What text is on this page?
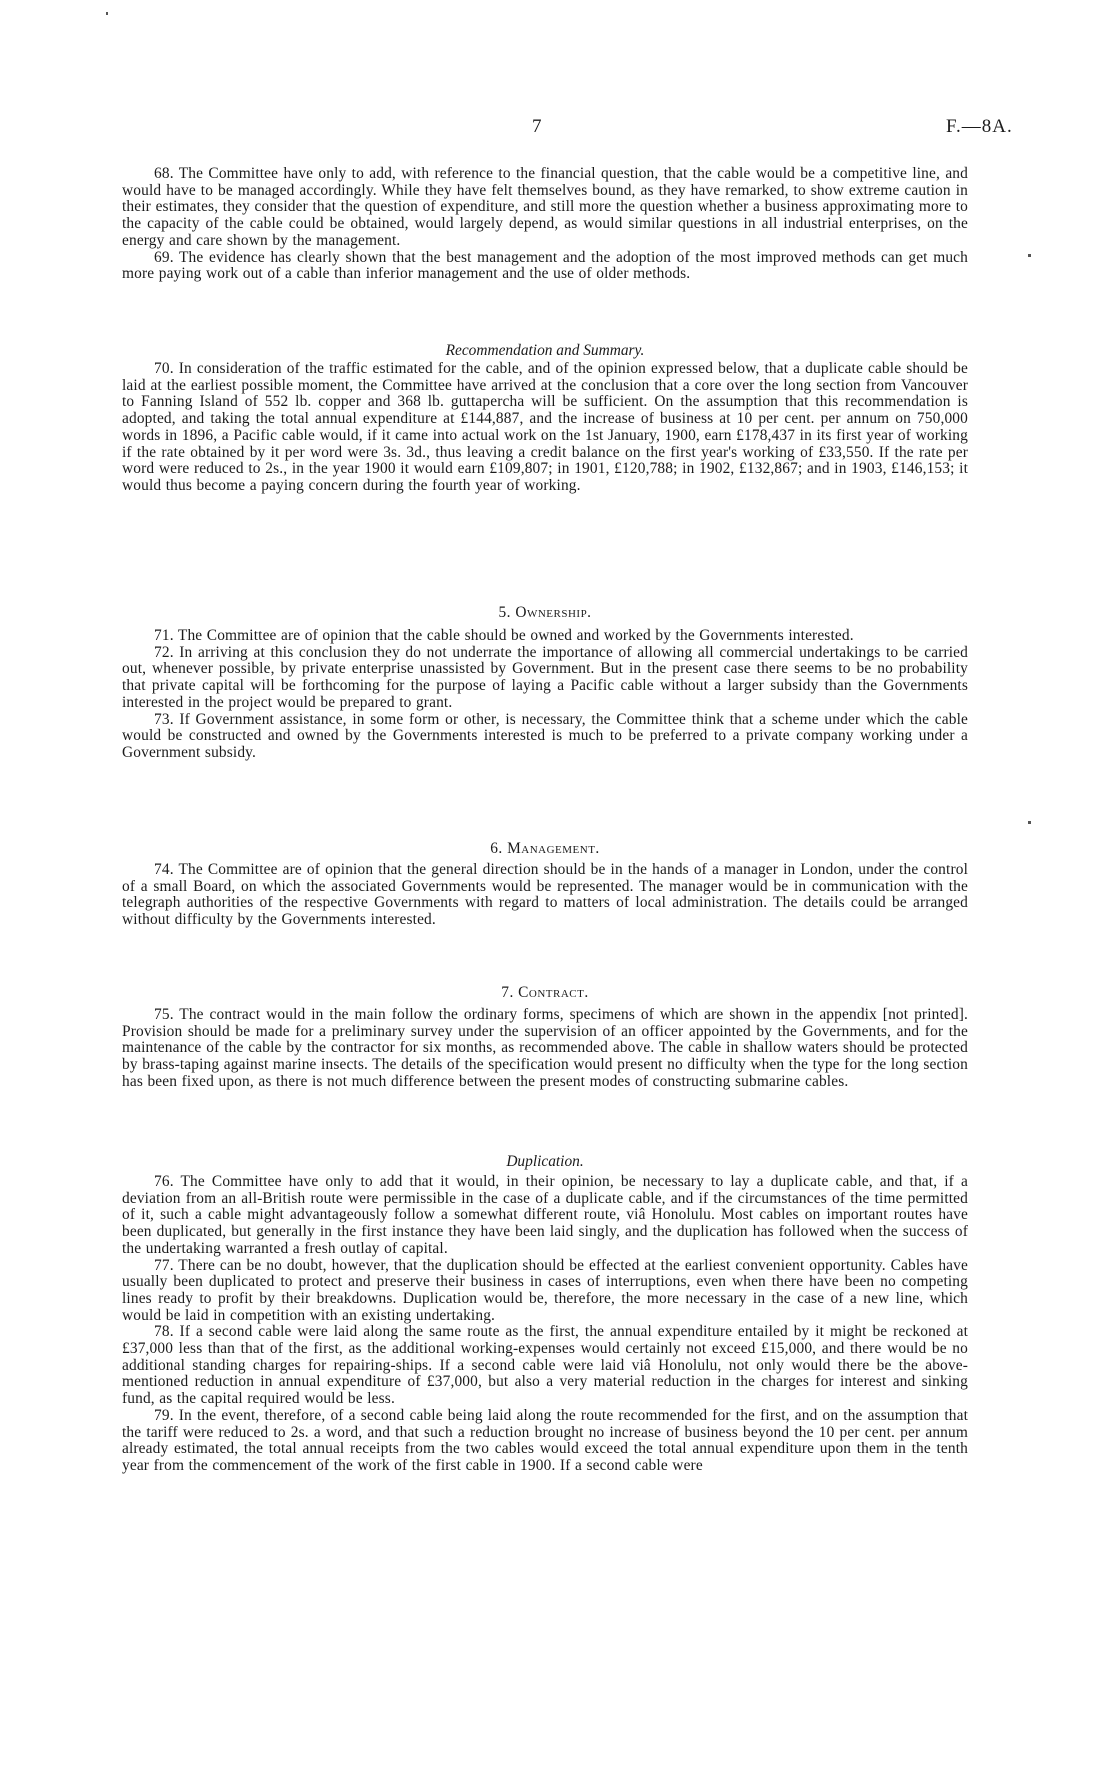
7	F.—8A.

68. The Committee have only to add, with reference to the financial question, that the cable would be a competitive line, and would have to be managed accordingly. While they have felt themselves bound, as they have remarked, to show extreme caution in their estimates, they consider that the question of expenditure, and still more the question whether a business approximating more to the capacity of the cable could be obtained, would largely depend, as would similar questions in all industrial enterprises, on the energy and care shown by the management.

69. The evidence has clearly shown that the best management and the adoption of the most improved methods can get much more paying work out of a cable than inferior management and the use of older methods.

Recommendation and Summary.

70. In consideration of the traffic estimated for the cable, and of the opinion expressed below, that a duplicate cable should be laid at the earliest possible moment, the Committee have arrived at the conclusion that a core over the long section from Vancouver to Fanning Island of 552 lb. copper and 368 lb. guttapercha will be sufficient. On the assumption that this recommendation is adopted, and taking the total annual expenditure at £144,887, and the increase of business at 10 per cent. per annum on 750,000 words in 1896, a Pacific cable would, if it came into actual work on the 1st January, 1900, earn £178,437 in its first year of working if the rate obtained by it per word were 3s. 3d., thus leaving a credit balance on the first year's working of £33,550. If the rate per word were reduced to 2s., in the year 1900 it would earn £109,807; in 1901, £120,788; in 1902, £132,867; and in 1903, £146,153; it would thus become a paying concern during the fourth year of working.

5. Ownership.

71. The Committee are of opinion that the cable should be owned and worked by the Governments interested.

72. In arriving at this conclusion they do not underrate the importance of allowing all commercial undertakings to be carried out, whenever possible, by private enterprise unassisted by Government. But in the present case there seems to be no probability that private capital will be forthcoming for the purpose of laying a Pacific cable without a larger subsidy than the Governments interested in the project would be prepared to grant.

73. If Government assistance, in some form or other, is necessary, the Committee think that a scheme under which the cable would be constructed and owned by the Governments interested is much to be preferred to a private company working under a Government subsidy.

6. Management.

74. The Committee are of opinion that the general direction should be in the hands of a manager in London, under the control of a small Board, on which the associated Governments would be represented. The manager would be in communication with the telegraph authorities of the respective Governments with regard to matters of local administration. The details could be arranged without difficulty by the Governments interested.

7. Contract.

75. The contract would in the main follow the ordinary forms, specimens of which are shown in the appendix [not printed]. Provision should be made for a preliminary survey under the supervision of an officer appointed by the Governments, and for the maintenance of the cable by the contractor for six months, as recommended above. The cable in shallow waters should be protected by brass-taping against marine insects. The details of the specification would present no difficulty when the type for the long section has been fixed upon, as there is not much difference between the present modes of constructing submarine cables.

Duplication.

76. The Committee have only to add that it would, in their opinion, be necessary to lay a duplicate cable, and that, if a deviation from an all-British route were permissible in the case of a duplicate cable, and if the circumstances of the time permitted of it, such a cable might advantageously follow a somewhat different route, viâ Honolulu. Most cables on important routes have been duplicated, but generally in the first instance they have been laid singly, and the duplication has followed when the success of the undertaking warranted a fresh outlay of capital.

77. There can be no doubt, however, that the duplication should be effected at the earliest convenient opportunity. Cables have usually been duplicated to protect and preserve their business in cases of interruptions, even when there have been no competing lines ready to profit by their breakdowns. Duplication would be, therefore, the more necessary in the case of a new line, which would be laid in competition with an existing undertaking.

78. If a second cable were laid along the same route as the first, the annual expenditure entailed by it might be reckoned at £37,000 less than that of the first, as the additional working-expenses would certainly not exceed £15,000, and there would be no additional standing charges for repairing-ships. If a second cable were laid viâ Honolulu, not only would there be the above-mentioned reduction in annual expenditure of £37,000, but also a very material reduction in the charges for interest and sinking fund, as the capital required would be less.

79. In the event, therefore, of a second cable being laid along the route recommended for the first, and on the assumption that the tariff were reduced to 2s. a word, and that such a reduction brought no increase of business beyond the 10 per cent. per annum already estimated, the total annual receipts from the two cables would exceed the total annual expenditure upon them in the tenth year from the commencement of the work of the first cable in 1900. If a second cable were
